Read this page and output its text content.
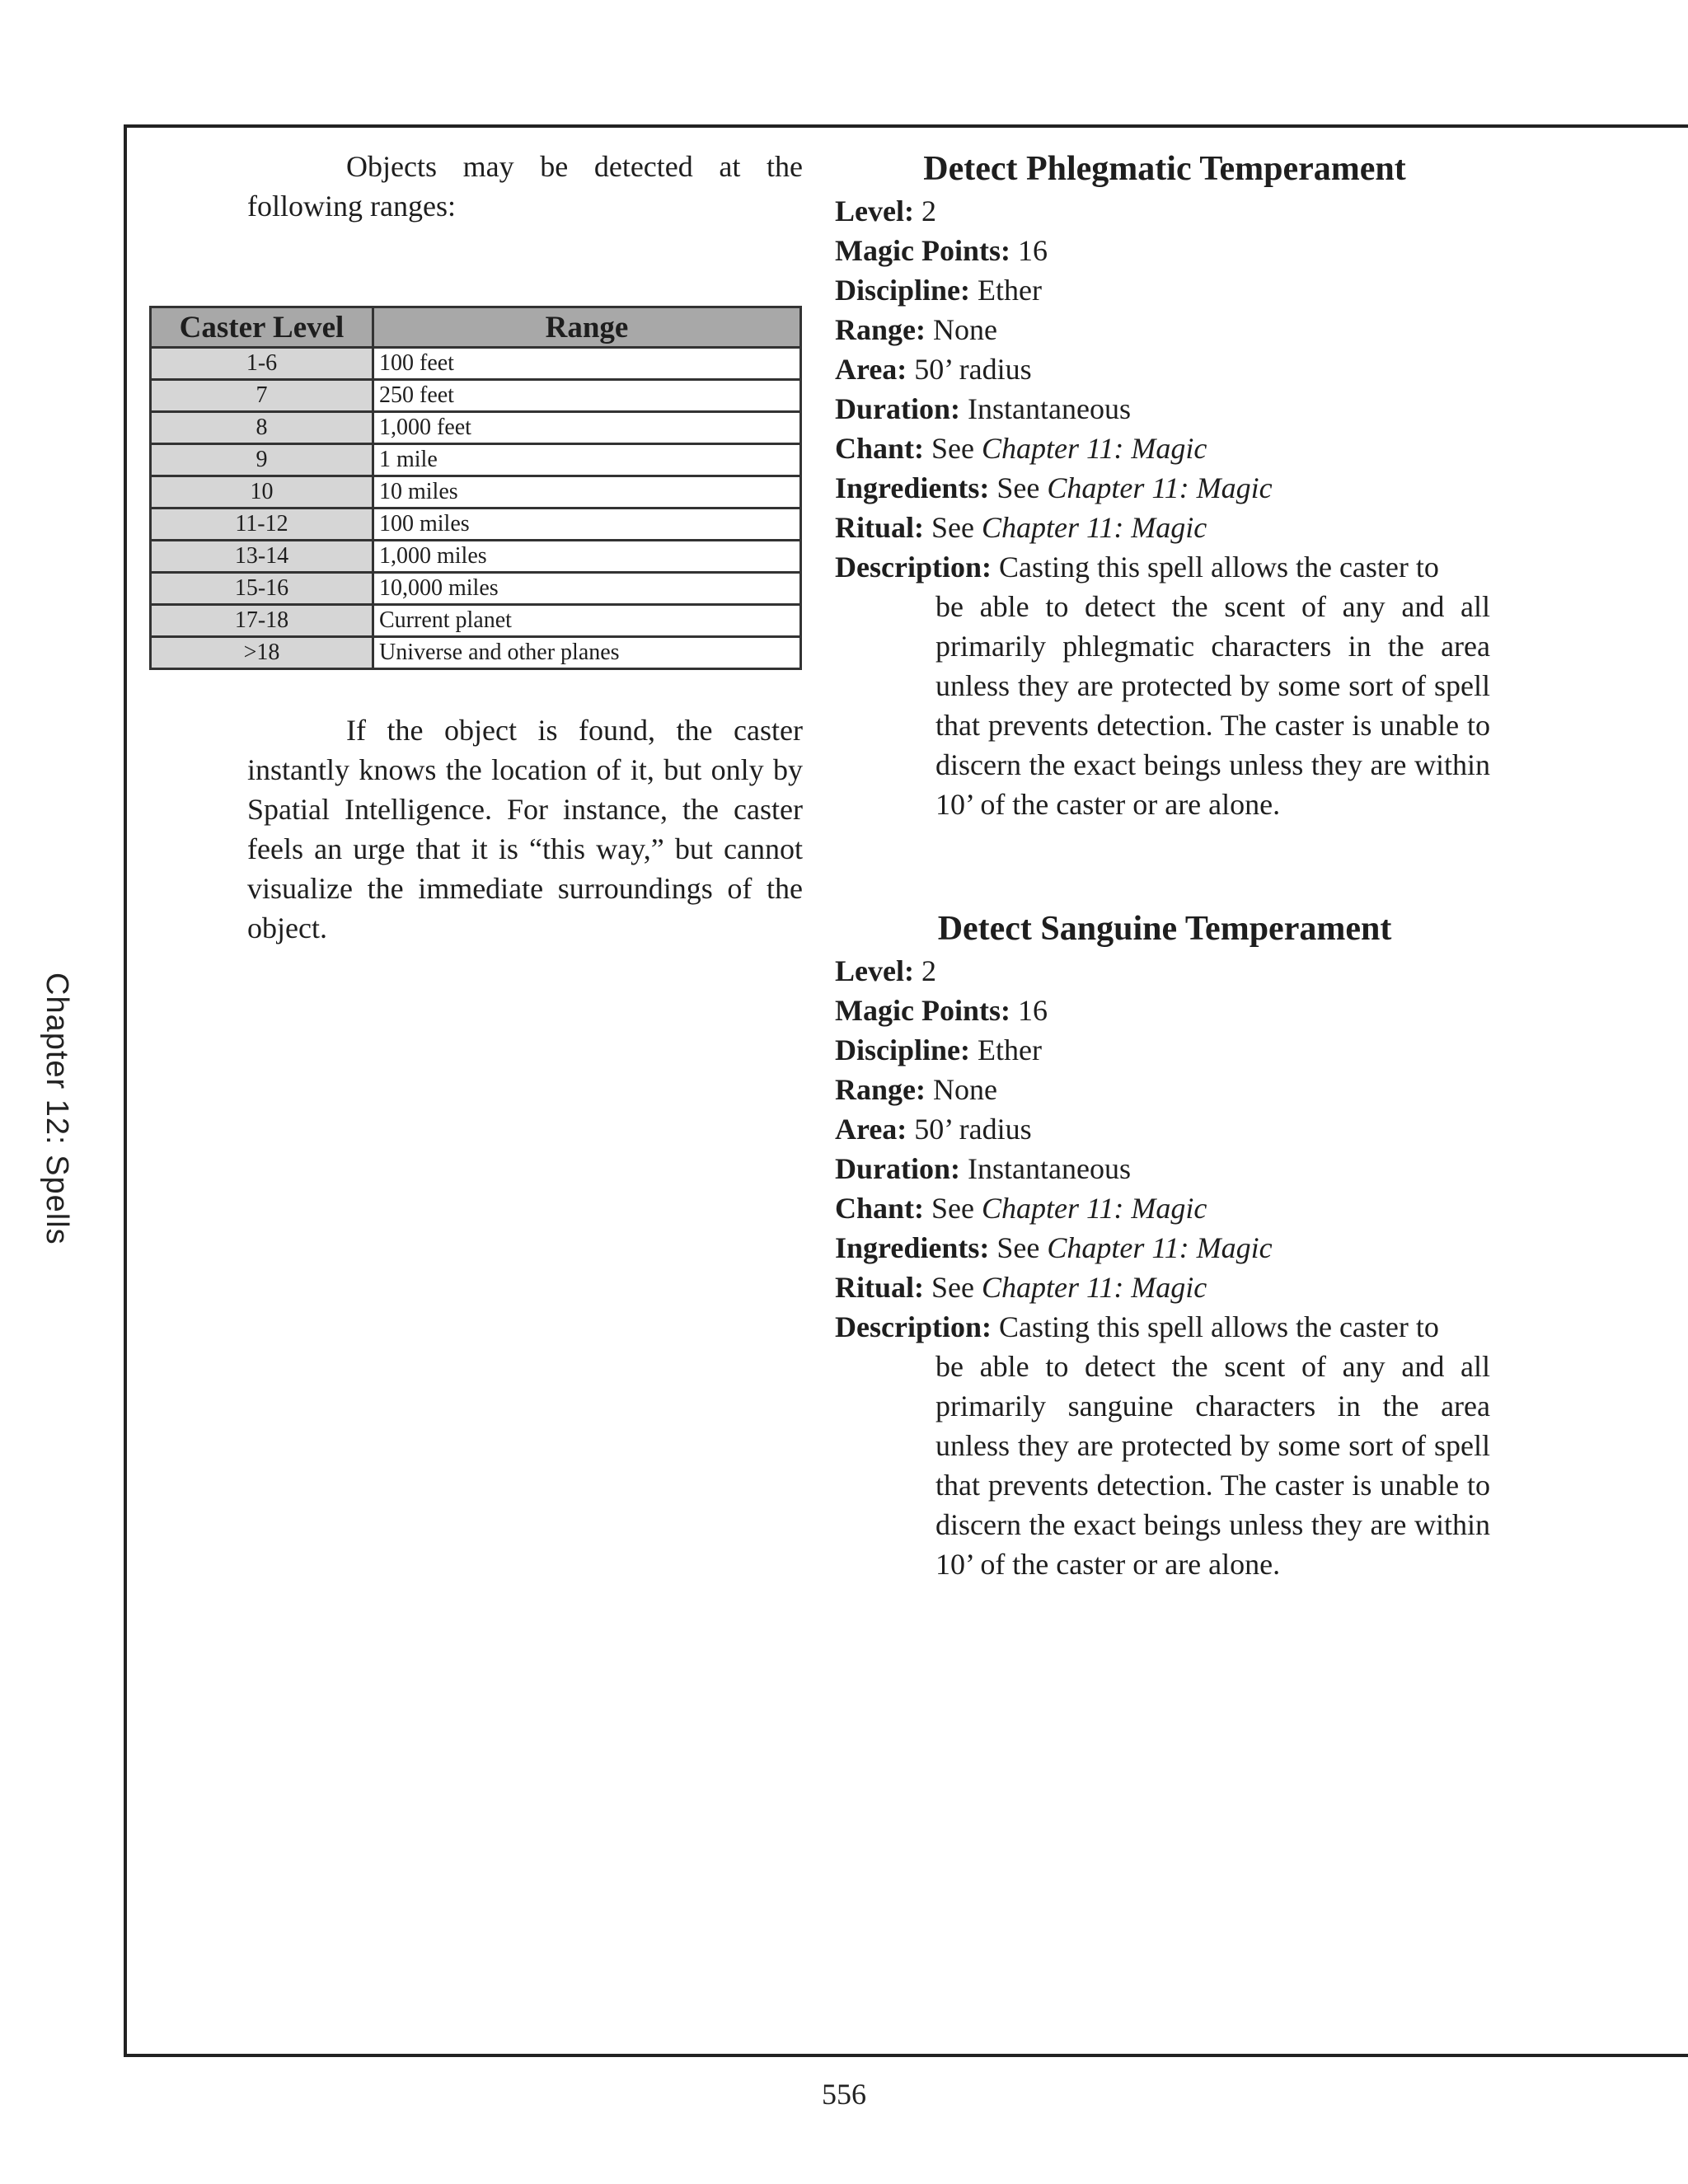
Chapter 12: Spells

Objects may be detected at the following ranges:

Caster Level	Range
1-6	100 feet
7	250 feet
8	1,000 feet
9	1 mile
10	10 miles
11-12	100 miles
13-14	1,000 miles
15-16	10,000 miles
17-18	Current planet
>18	Universe and other planes

If the object is found, the caster instantly knows the location of it, but only by Spatial Intelligence. For instance, the caster feels an urge that it is “this way,” but cannot visualize the immediate surroundings of the object.

Detect Phlegmatic Temperament

Level: 2

Magic Points: 16

Discipline: Ether

Range: None

Area: 50’ radius

Duration: Instantaneous

Chant: See Chapter 11: Magic

Ingredients: See Chapter 11: Magic

Ritual: See Chapter 11: Magic

Description: Casting this spell allows the caster to
be able to detect the scent of any and all primarily phlegmatic characters in the area unless they are protected by some sort of spell that prevents detection. The caster is unable to discern the exact beings unless they are within 10’ of the caster or are alone.
Detect Sanguine Temperament

Level: 2

Magic Points: 16

Discipline: Ether

Range: None

Area: 50’ radius

Duration: Instantaneous

Chant: See Chapter 11: Magic

Ingredients: See Chapter 11: Magic

Ritual: See Chapter 11: Magic

Description: Casting this spell allows the caster to
be able to detect the scent of any and all primarily sanguine characters in the area unless they are protected by some sort of spell that prevents detection. The caster is unable to discern the exact beings unless they are within 10’ of the caster or are alone.
556
